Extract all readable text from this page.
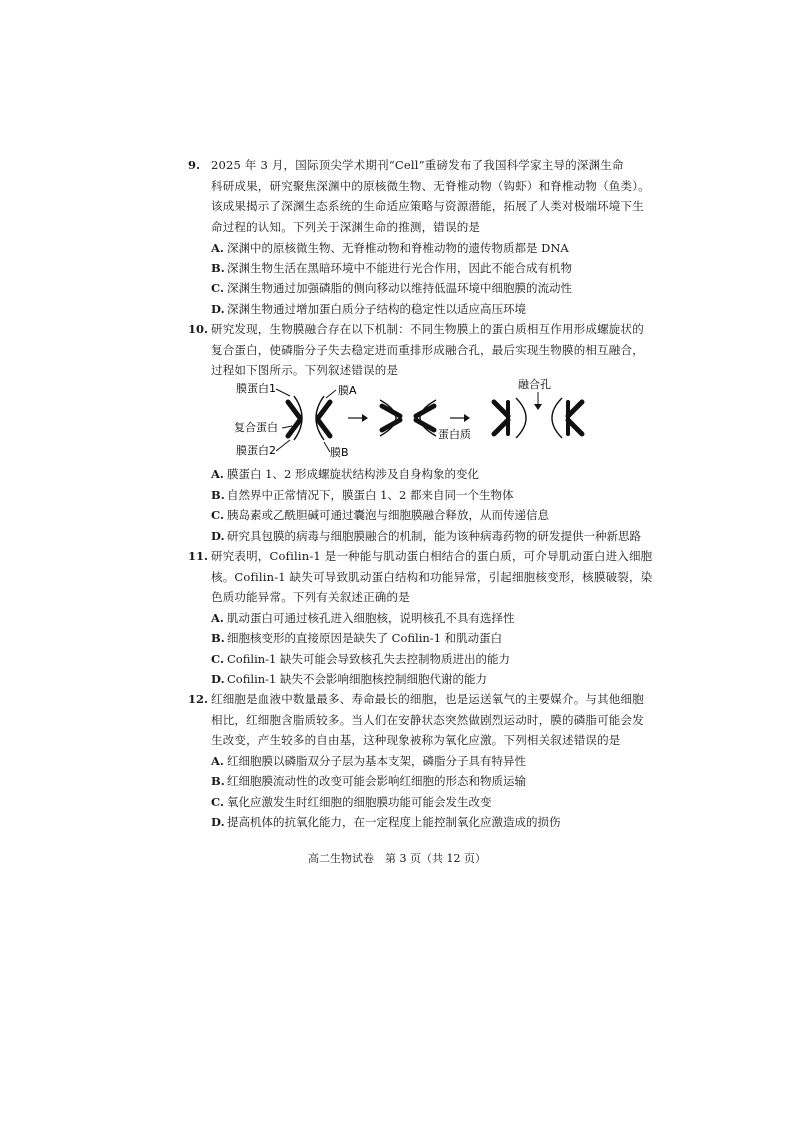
9. 2025 年 3 月，国际顶尖学术期刊“Cell”重磅发布了我国科学家主导的深渊生命
科研成果，研究聚焦深渊中的原核微生物、无脊椎动物（钩虾）和脊椎动物（鱼类）。
该成果揭示了深渊生态系统的生命适应策略与资源潜能，拓展了人类对极端环境下生
命过程的认知。下列关于深渊生命的推测，错误的是
A. 深渊中的原核微生物、无脊椎动物和脊椎动物的遗传物质都是 DNA
B. 深渊生物生活在黑暗环境中不能进行光合作用，因此不能合成有机物
C. 深渊生物通过加强磷脂的侧向移动以维持低温环境中细胞膜的流动性
D. 深渊生物通过增加蛋白质分子结构的稳定性以适应高压环境
10. 研究发现，生物膜融合存在以下机制：不同生物膜上的蛋白质相互作用形成螺旋状的
复合蛋白，使磷脂分子失去稳定进而重排形成融合孔，最后实现生物膜的相互融合，
过程如下图所示。下列叙述错误的是
膜蛋白1
复合蛋白
膜蛋白2
膜A
膜B
蛋白质
融合孔
A. 膜蛋白 1、2 形成螺旋状结构涉及自身构象的变化
B. 自然界中正常情况下，膜蛋白 1、2 都来自同一个生物体
C. 胰岛素或乙酰胆碱可通过囊泡与细胞膜融合释放，从而传递信息
D. 研究具包膜的病毒与细胞膜融合的机制，能为该种病毒药物的研发提供一种新思路
11. 研究表明，Cofilin-1 是一种能与肌动蛋白相结合的蛋白质，可介导肌动蛋白进入细胞
核。Cofilin-1 缺失可导致肌动蛋白结构和功能异常，引起细胞核变形，核膜破裂，染
色质功能异常。下列有关叙述正确的是
A. 肌动蛋白可通过核孔进入细胞核，说明核孔不具有选择性
B. 细胞核变形的直接原因是缺失了 Cofilin-1 和肌动蛋白
C. Cofilin-1 缺失可能会导致核孔失去控制物质进出的能力
D. Cofilin-1 缺失不会影响细胞核控制细胞代谢的能力
12. 红细胞是血液中数量最多、寿命最长的细胞，也是运送氧气的主要媒介。与其他细胞
相比，红细胞含脂质较多。当人们在安静状态突然做剧烈运动时，膜的磷脂可能会发
生改变，产生较多的自由基，这种现象被称为氧化应激。下列相关叙述错误的是
A. 红细胞膜以磷脂双分子层为基本支架，磷脂分子具有特异性
B. 红细胞膜流动性的改变可能会影响红细胞的形态和物质运输
C. 氧化应激发生时红细胞的细胞膜功能可能会发生改变
D. 提高机体的抗氧化能力，在一定程度上能控制氧化应激造成的损伤
高二生物试卷　第 3 页（共 12 页）
